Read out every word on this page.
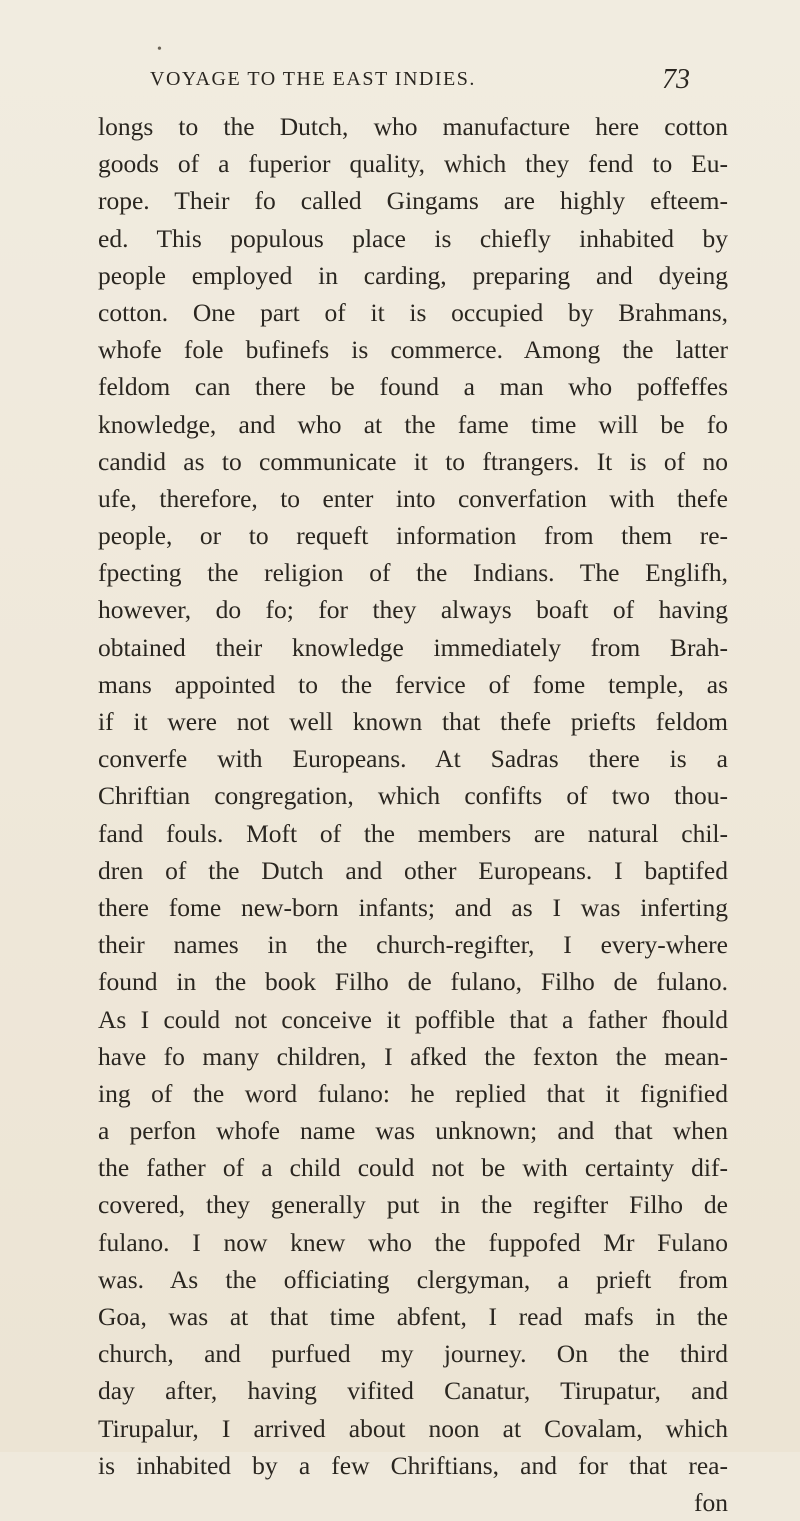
•
VOYAGE TO THE EAST INDIES.	73
longs to the Dutch, who manufacture here cotton
goods of a fuperior quality, which they fend to Eu-
rope. Their fo called Gingams are highly efteem-
ed. This populous place is chiefly inhabited by
people employed in carding, preparing and dyeing
cotton. One part of it is occupied by Brahmans,
whofe fole bufinefs is commerce. Among the latter
feldom can there be found a man who poffeffes
knowledge, and who at the fame time will be fo
candid as to communicate it to ftrangers. It is of no
ufe, therefore, to enter into converfation with thefe
people, or to requeft information from them re-
fpecting the religion of the Indians. The Englifh,
however, do fo; for they always boaft of having
obtained their knowledge immediately from Brah-
mans appointed to the fervice of fome temple, as
if it were not well known that thefe priefts feldom
converfe with Europeans. At Sadras there is a
Chriftian congregation, which confifts of two thou-
fand fouls. Moft of the members are natural chil-
dren of the Dutch and other Europeans. I baptifed
there fome new-born infants; and as I was inferting
their names in the church-regifter, I every-where
found in the book Filho de fulano, Filho de fulano.
As I could not conceive it poffible that a father fhould
have fo many children, I afked the fexton the mean-
ing of the word fulano: he replied that it fignified
a perfon whofe name was unknown; and that when
the father of a child could not be with certainty dif-
covered, they generally put in the regifter Filho de
fulano. I now knew who the fuppofed Mr Fulano
was. As the officiating clergyman, a prieft from
Goa, was at that time abfent, I read mafs in the
church, and purfued my journey. On the third
day after, having vifited Canatur, Tirupatur, and
Tirupalur, I arrived about noon at Covalam, which
is inhabited by a few Chriftians, and for that rea-
fon
